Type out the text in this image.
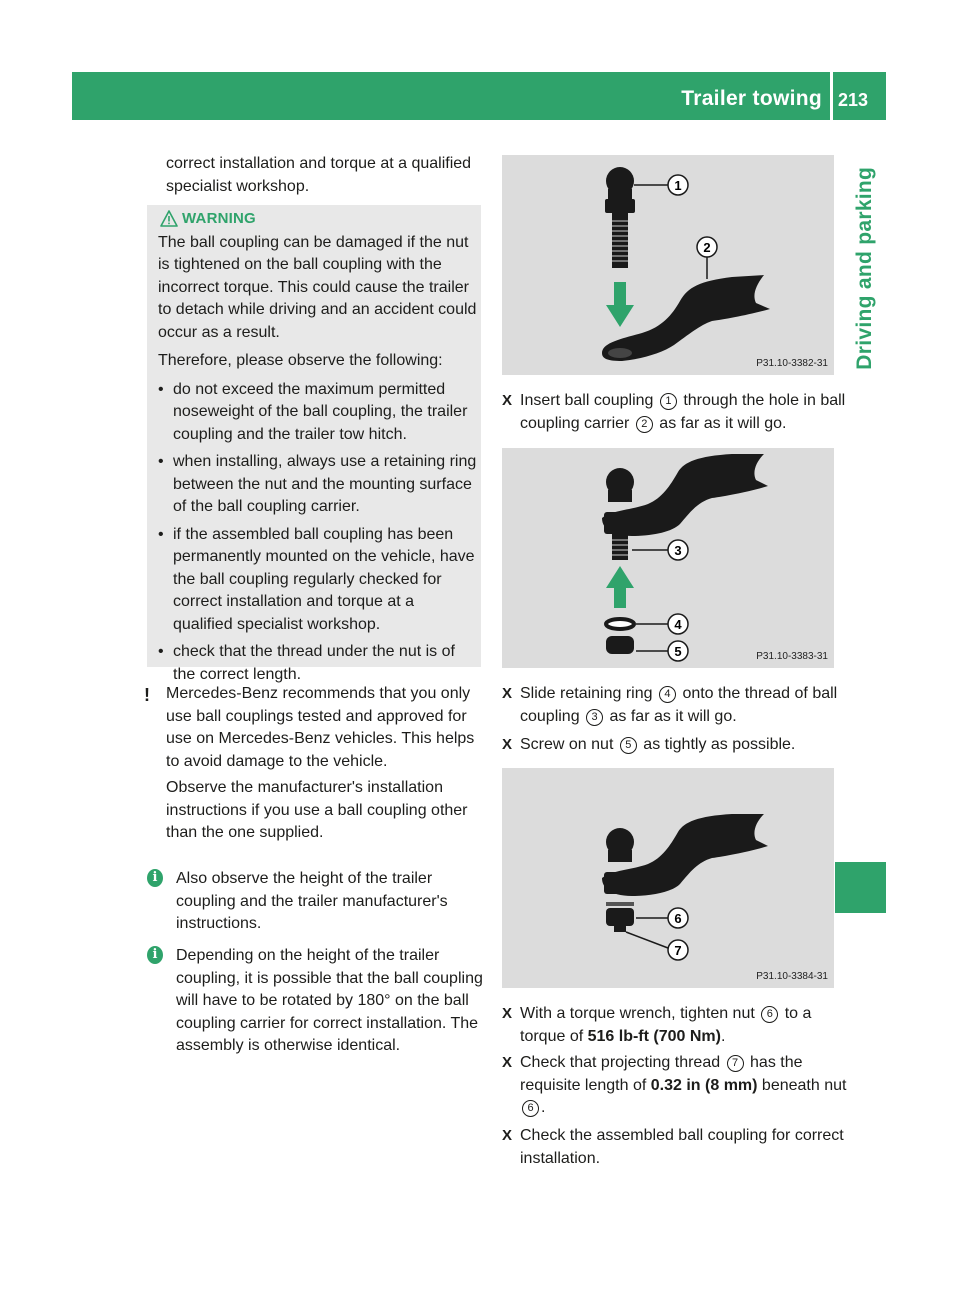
Trailer towing 213
Driving and parking

correct installation and torque at a qualified specialist workshop.

WARNING

The ball coupling can be damaged if the nut is tightened on the ball coupling with the incorrect torque. This could cause the trailer to detach while driving and an accident could occur as a result.

Therefore, please observe the following:

• do not exceed the maximum permitted noseweight of the ball coupling, the trailer coupling and the trailer tow hitch.

• when installing, always use a retaining ring between the nut and the mounting surface of the ball coupling carrier.

• if the assembled ball coupling has been permanently mounted on the vehicle, have the ball coupling regularly checked for correct installation and torque at a qualified specialist workshop.

• check that the thread under the nut is of the correct length.

!	Mercedes-Benz recommends that you only use ball couplings tested and approved for use on Mercedes-Benz vehicles. This helps to avoid damage to the vehicle.

Observe the manufacturer's installation instructions if you use a ball coupling other than the one supplied.

i	Also observe the height of the trailer coupling and the trailer manufacturer's instructions.

i	Depending on the height of the trailer coupling, it is possible that the ball coupling will have to be rotated by 180° on the ball coupling carrier for correct installation. The assembly is otherwise identical.

1
2
P31.10-3382-31
X Insert ball coupling 1 through the hole in ball coupling carrier 2 as far as it will go.
3
4
5	P31.10-3383-31
X Slide retaining ring 4 onto the thread of ball coupling 3 as far as it will go.
X Screw on nut 5 as tightly as possible.
6
7
P31.10-3384-31
X With a torque wrench, tighten nut 6 to a torque of 516 lb-ft (700 Nm).
X Check that projecting thread 7 has the requisite length of 0.32 in (8 mm) beneath nut 6 .
X Check the assembled ball coupling for correct installation.
